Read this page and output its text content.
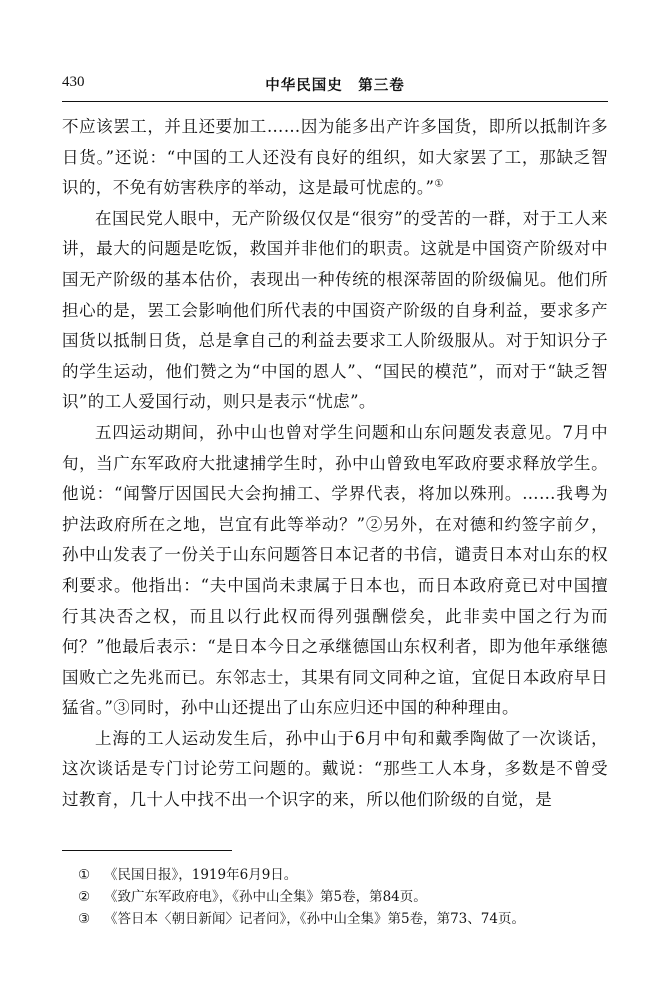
430	中华民国史　第三卷

不应该罢工，并且还要加工……因为能多出产许多国货，即所以抵制许多日货。”还说：“中国的工人还没有良好的组织，如大家罢了工，那缺乏智识的，不免有妨害秩序的举动，这是最可忧虑的。”①

在国民党人眼中，无产阶级仅仅是“很穷”的受苦的一群，对于工人来讲，最大的问题是吃饭，救国并非他们的职责。这就是中国资产阶级对中国无产阶级的基本估价，表现出一种传统的根深蒂固的阶级偏见。他们所担心的是，罢工会影响他们所代表的中国资产阶级的自身利益，要求多产国货以抵制日货，总是拿自己的利益去要求工人阶级服从。对于知识分子的学生运动，他们赞之为“中国的恩人”、“国民的模范”，而对于“缺乏智识”的工人爱国行动，则只是表示“忧虑”。

五四运动期间，孙中山也曾对学生问题和山东问题发表意见。7月中旬，当广东军政府大批逮捕学生时，孙中山曾致电军政府要求释放学生。他说：“闻警厅因国民大会拘捕工、学界代表，将加以殊刑。……我粤为护法政府所在之地，岂宜有此等举动？”②另外，在对德和约签字前夕，孙中山发表了一份关于山东问题答日本记者的书信，谴责日本对山东的权利要求。他指出：“夫中国尚未隶属于日本也，而日本政府竟已对中国擅行其决否之权，而且以行此权而得列强酬偿矣，此非卖中国之行为而何？”他最后表示：“是日本今日之承继德国山东权利者，即为他年承继德国败亡之先兆而已。东邻志士，其果有同文同种之谊，宜促日本政府早日猛省。”③同时，孙中山还提出了山东应归还中国的种种理由。

上海的工人运动发生后，孙中山于6月中旬和戴季陶做了一次谈话，这次谈话是专门讨论劳工问题的。戴说：“那些工人本身，多数是不曾受过教育，几十人中找不出一个识字的来，所以他们阶级的自觉，是

① 《民国日报》，1919年6月9日。
② 《致广东军政府电》，《孙中山全集》第5卷，第84页。
③ 《答日本〈朝日新闻〉记者问》，《孙中山全集》第5卷，第73、74页。
